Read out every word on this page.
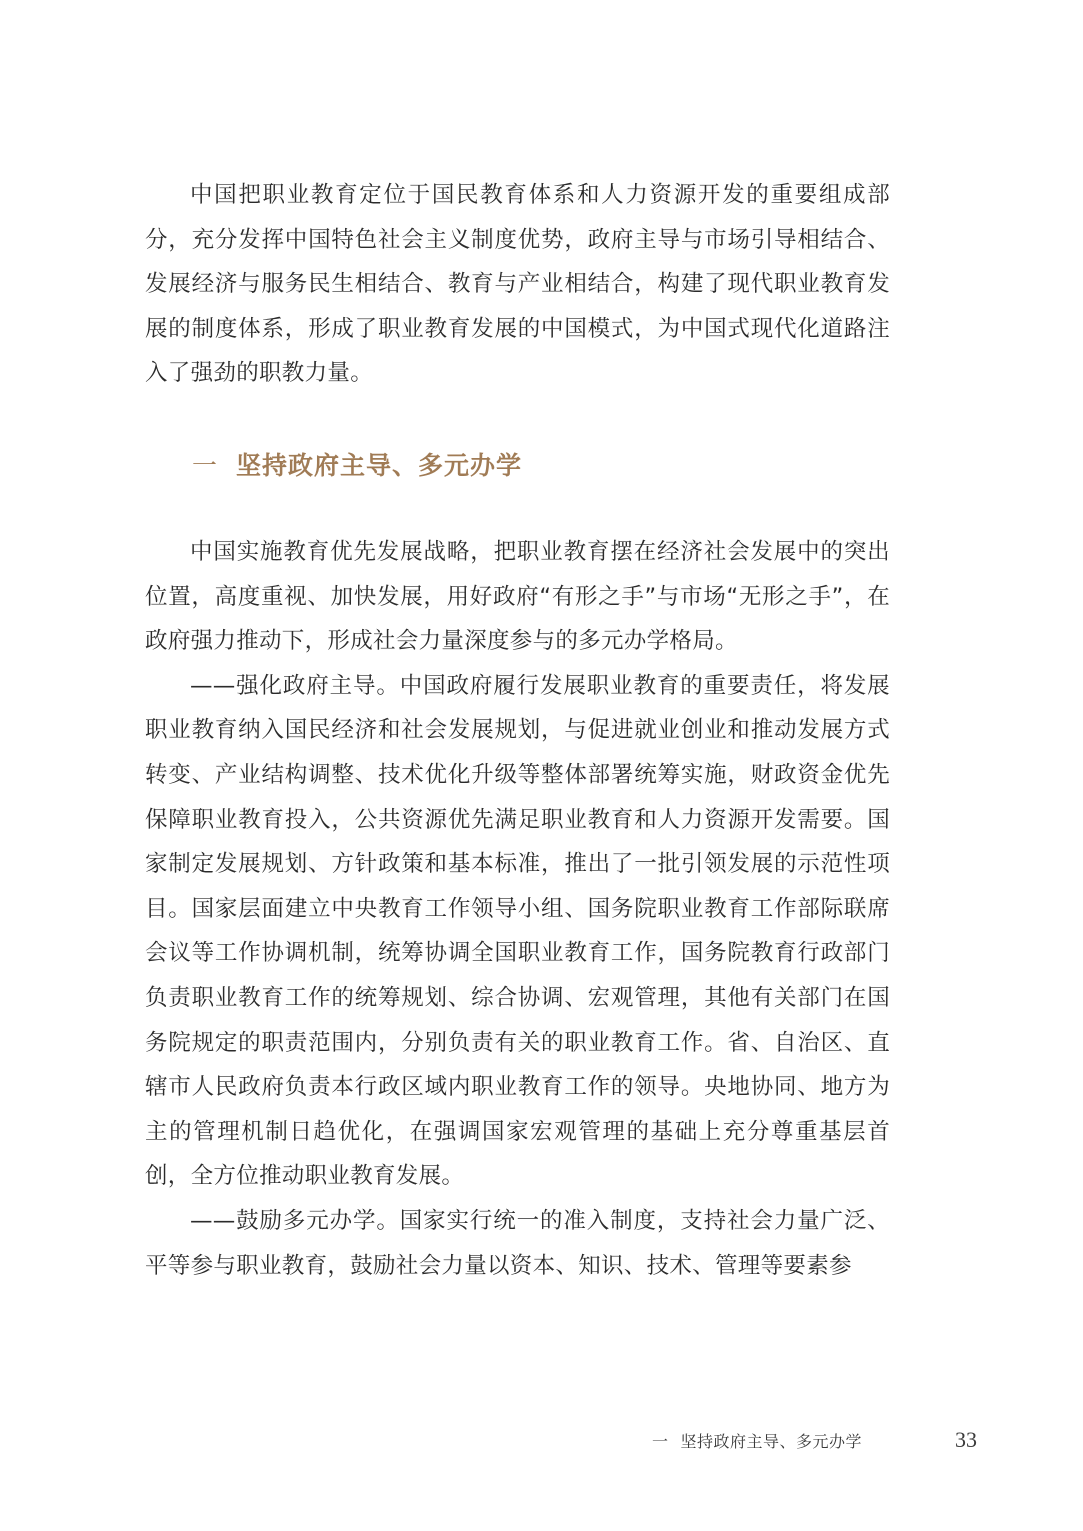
中国把职业教育定位于国民教育体系和人力资源开发的重要组成部分，充分发挥中国特色社会主义制度优势，政府主导与市场引导相结合、发展经济与服务民生相结合、教育与产业相结合，构建了现代职业教育发展的制度体系，形成了职业教育发展的中国模式，为中国式现代化道路注入了强劲的职教力量。

一 坚持政府主导、多元办学

中国实施教育优先发展战略，把职业教育摆在经济社会发展中的突出位置，高度重视、加快发展，用好政府“有形之手”与市场“无形之手”，在政府强力推动下，形成社会力量深度参与的多元办学格局。

——强化政府主导。中国政府履行发展职业教育的重要责任，将发展职业教育纳入国民经济和社会发展规划，与促进就业创业和推动发展方式转变、产业结构调整、技术优化升级等整体部署统筹实施，财政资金优先保障职业教育投入，公共资源优先满足职业教育和人力资源开发需要。国家制定发展规划、方针政策和基本标准，推出了一批引领发展的示范性项目。国家层面建立中央教育工作领导小组、国务院职业教育工作部际联席会议等工作协调机制，统筹协调全国职业教育工作，国务院教育行政部门负责职业教育工作的统筹规划、综合协调、宏观管理，其他有关部门在国务院规定的职责范围内，分别负责有关的职业教育工作。省、自治区、直辖市人民政府负责本行政区域内职业教育工作的领导。央地协同、地方为主的管理机制日趋优化，在强调国家宏观管理的基础上充分尊重基层首创，全方位推动职业教育发展。

——鼓励多元办学。国家实行统一的准入制度，支持社会力量广泛、平等参与职业教育，鼓励社会力量以资本、知识、技术、管理等要素参

一 坚持政府主导、多元办学	33
